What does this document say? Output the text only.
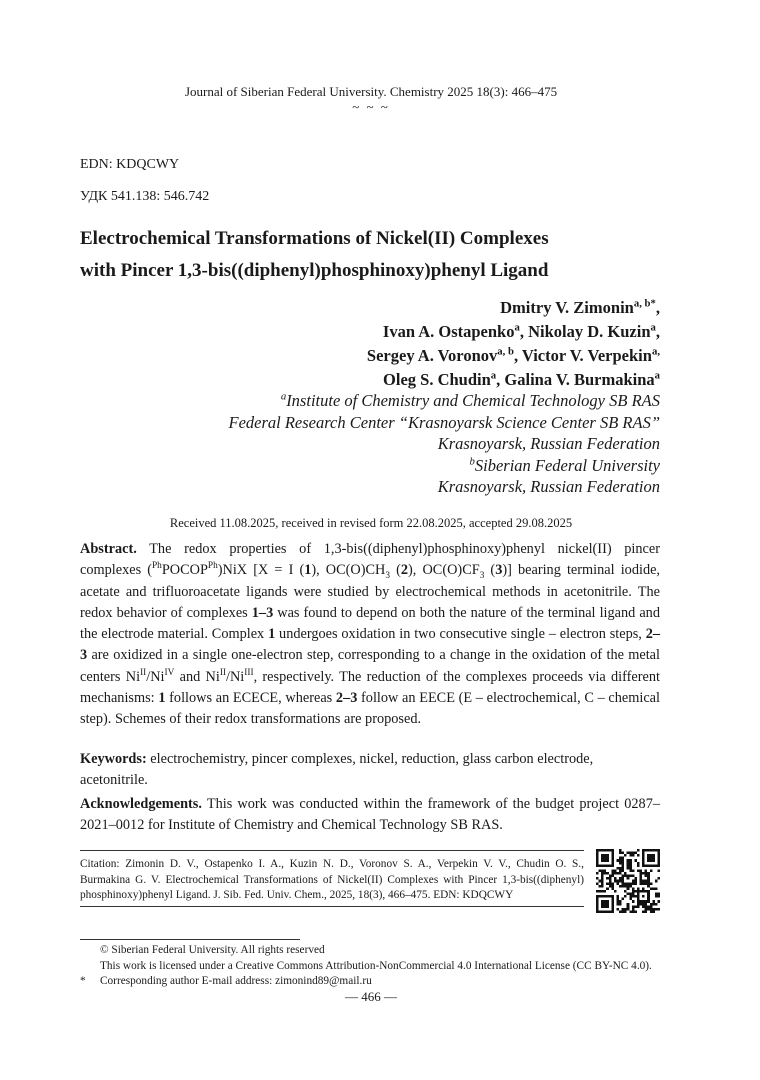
Journal of Siberian Federal University. Chemistry 2025 18(3): 466–475
~ ~ ~
EDN: KDQCWY
УДК 541.138: 546.742
Electrochemical Transformations of Nickel(II) Complexes
with Pincer 1,3-bis((diphenyl)phosphinoxy)phenyl Ligand
Dmitry V. Zimonin$^{a, b*}$,
Ivan A. Ostapenko$^a$, Nikolay D. Kuzin$^a$,
Sergey A. Voronov$^{a, b}$, Victor V. Verpekin$^{a,}$
Oleg S. Chudin$^a$, Galina V. Burmakina$^a$
$^a$Institute of Chemistry and Chemical Technology SB RAS
Federal Research Center “Krasnoyarsk Science Center SB RAS”
Krasnoyarsk, Russian Federation
$^b$Siberian Federal University
Krasnoyarsk, Russian Federation
Received 11.08.2025, received in revised form 22.08.2025, accepted 29.08.2025
Abstract. The redox properties of 1,3-bis((diphenyl)phosphinoxy)phenyl nickel(II) pincer complexes $(^{Ph}POCOP^{Ph})NiX$ [X = I (1), $OC(O)CH_3$ (2), $OC(O)CF_3$ (3)] bearing terminal iodide, acetate and trifluoroacetate ligands were studied by electrochemical methods in acetonitrile. The redox behavior of complexes 1–3 was found to depend on both the nature of the terminal ligand and the electrode material. Complex 1 undergoes oxidation in two consecutive single – electron steps, 2–3 are oxidized in a single one-electron step, corresponding to a change in the oxidation of the metal centers $Ni^{II}/Ni^{IV}$ and $Ni^{II}/Ni^{III}$, respectively. The reduction of the complexes proceeds via different mechanisms: 1 follows an ECECE, whereas 2–3 follow an EECE (E – electrochemical, C – chemical step). Schemes of their redox transformations are proposed.
Keywords: electrochemistry, pincer complexes, nickel, reduction, glass carbon electrode, acetonitrile.
Acknowledgements. This work was conducted within the framework of the budget project 0287–2021–0012 for Institute of Chemistry and Chemical Technology SB RAS.
Citation: Zimonin D. V., Ostapenko I. A., Kuzin N. D., Voronov S. A., Verpekin V. V., Chudin O. S., Burmakina G. V. Electrochemical Transformations of Nickel(II) Complexes with Pincer 1,3-bis((diphenyl) phosphinoxy)phenyl Ligand. J. Sib. Fed. Univ. Chem., 2025, 18(3), 466–475. EDN: KDQCWY
© Siberian Federal University. All rights reserved
This work is licensed under a Creative Commons Attribution-NonCommercial 4.0 International License (CC BY-NC 4.0).
* Corresponding author E-mail address: zimonind89@mail.ru
— 466 —
